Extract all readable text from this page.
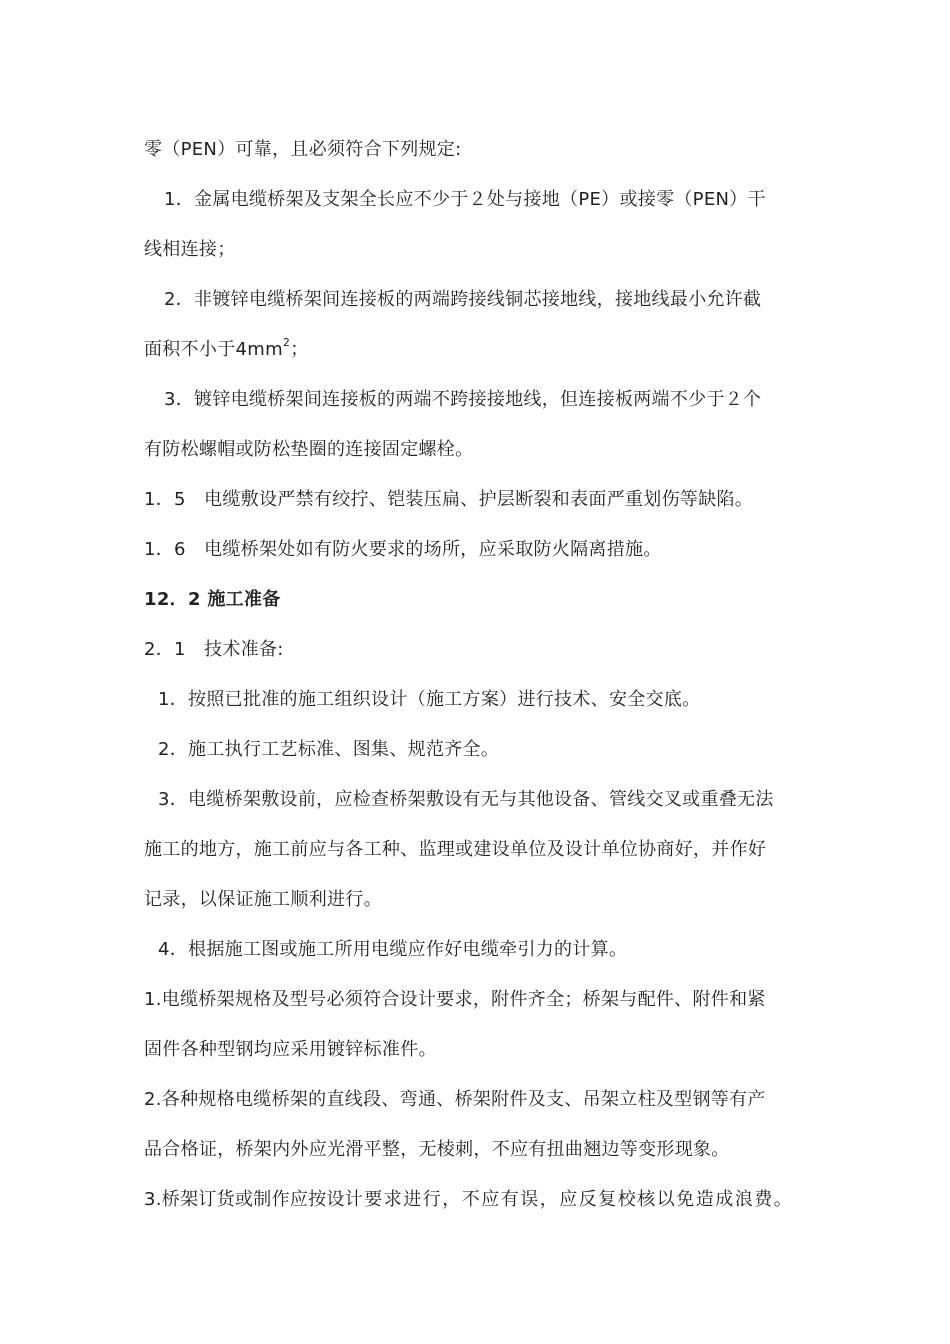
零（PEN）可靠，且必须符合下列规定:
1．金属电缆桥架及支架全长应不少于２处与接地（PE）或接零（PEN）干
线相连接；
2．非镀锌电缆桥架间连接板的两端跨接线铜芯接地线，接地线最小允许截
面积不小于$4mm^2$；
3．镀锌电缆桥架间连接板的两端不跨接接地线，但连接板两端不少于２个
有防松螺帽或防松垫圈的连接固定螺栓。
1．5　电缆敷设严禁有绞拧、铠装压扁、护层断裂和表面严重划伤等缺陷。
1．6　电缆桥架处如有防火要求的场所，应采取防火隔离措施。
12．2 施工准备
2．1　技术准备:
1．按照已批准的施工组织设计（施工方案）进行技术、安全交底。
2．施工执行工艺标准、图集、规范齐全。
3．电缆桥架敷设前，应检查桥架敷设有无与其他设备、管线交叉或重叠无法
施工的地方，施工前应与各工种、监理或建设单位及设计单位协商好，并作好
记录，以保证施工顺利进行。
4．根据施工图或施工所用电缆应作好电缆牵引力的计算。
1.电缆桥架规格及型号必须符合设计要求，附件齐全；桥架与配件、附件和紧
固件各种型钢均应采用镀锌标准件。
2.各种规格电缆桥架的直线段、弯通、桥架附件及支、吊架立柱及型钢等有产
品合格证，桥架内外应光滑平整，无棱刺，不应有扭曲翘边等变形现象。
3.桥架订货或制作应按设计要求进行，不应有误，应反复校核以免造成浪费。
